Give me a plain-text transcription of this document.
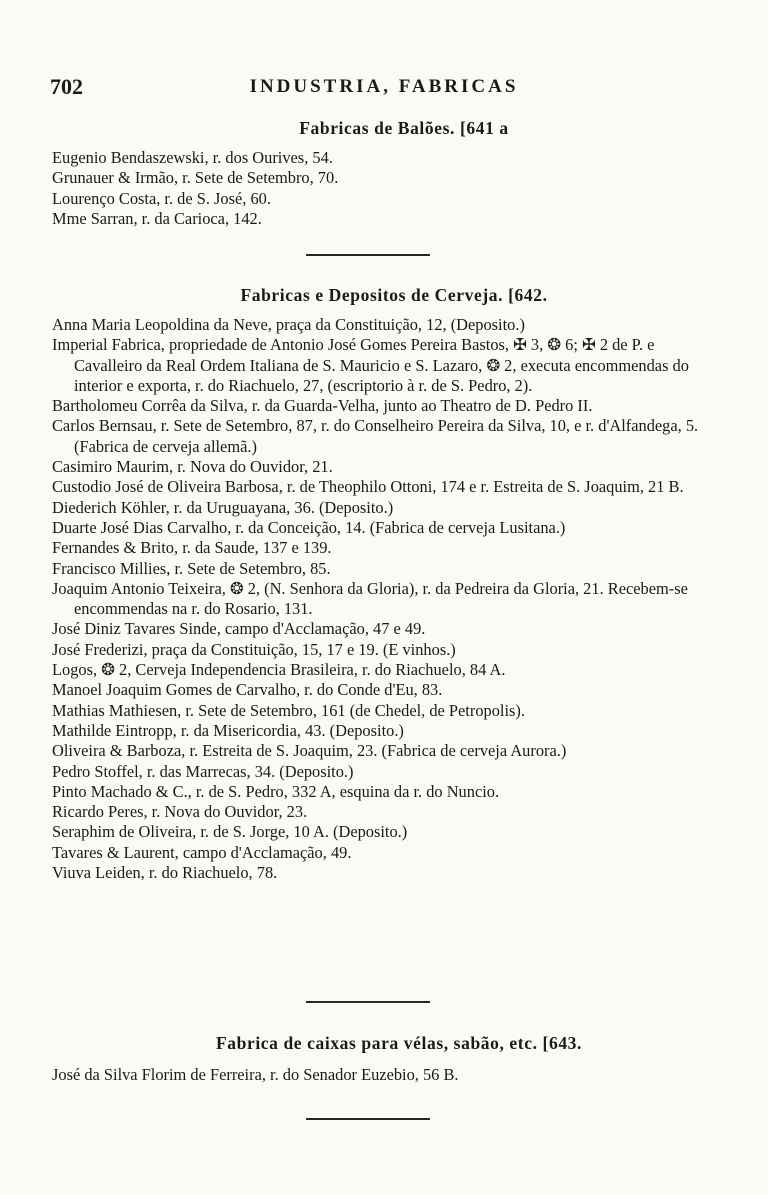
702	INDUSTRIA, FABRICAS
Fabricas de Balões. [641 a

Eugenio Bendaszewski, r. dos Ourives, 54.

Grunauer & Irmão, r. Sete de Setembro, 70.

Lourenço Costa, r. de S. José, 60.

Mme Sarran, r. da Carioca, 142.

Fabricas e Depositos de Cerveja. [642.

Anna Maria Leopoldina da Neve, praça da Constituição, 12, (Deposito.)

Imperial Fabrica, propriedade de Antonio José Gomes Pereira Bastos, ✠ 3, ❂ 6; ✠ 2 de P. e Cavalleiro da Real Ordem Italiana de S. Mauricio e S. Lazaro, ❂ 2, executa encommendas do interior e exporta, r. do Riachuelo, 27, (escriptorio à r. de S. Pedro, 2).

Bartholomeu Corrêa da Silva, r. da Guarda-Velha, junto ao Theatro de D. Pedro II.

Carlos Bernsau, r. Sete de Setembro, 87, r. do Conselheiro Pereira da Silva, 10, e r. d'Alfandega, 5. (Fabrica de cerveja allemã.)

Casimiro Maurim, r. Nova do Ouvidor, 21.

Custodio José de Oliveira Barbosa, r. de Theophilo Ottoni, 174 e r. Estreita de S. Joaquim, 21 B.

Diederich Köhler, r. da Uruguayana, 36. (Deposito.)

Duarte José Dias Carvalho, r. da Conceição, 14. (Fabrica de cerveja Lusitana.)

Fernandes & Brito, r. da Saude, 137 e 139.

Francisco Millies, r. Sete de Setembro, 85.

Joaquim Antonio Teixeira, ❂ 2, (N. Senhora da Gloria), r. da Pedreira da Gloria, 21. Recebem-se encommendas na r. do Rosario, 131.

José Diniz Tavares Sinde, campo d'Acclamação, 47 e 49.

José Frederizi, praça da Constituição, 15, 17 e 19. (E vinhos.)

Logos, ❂ 2, Cerveja Independencia Brasileira, r. do Riachuelo, 84 A.

Manoel Joaquim Gomes de Carvalho, r. do Conde d'Eu, 83.

Mathias Mathiesen, r. Sete de Setembro, 161 (de Chedel, de Petropolis).

Mathilde Eintropp, r. da Misericordia, 43. (Deposito.)

Oliveira & Barboza, r. Estreita de S. Joaquim, 23. (Fabrica de cerveja Aurora.)

Pedro Stoffel, r. das Marrecas, 34. (Deposito.)

Pinto Machado & C., r. de S. Pedro, 332 A, esquina da r. do Nuncio.

Ricardo Peres, r. Nova do Ouvidor, 23.

Seraphim de Oliveira, r. de S. Jorge, 10 A. (Deposito.)

Tavares & Laurent, campo d'Acclamação, 49.

Viuva Leiden, r. do Riachuelo, 78.

Fabrica de caixas para vélas, sabão, etc. [643.

José da Silva Florim de Ferreira, r. do Senador Euzebio, 56 B.
